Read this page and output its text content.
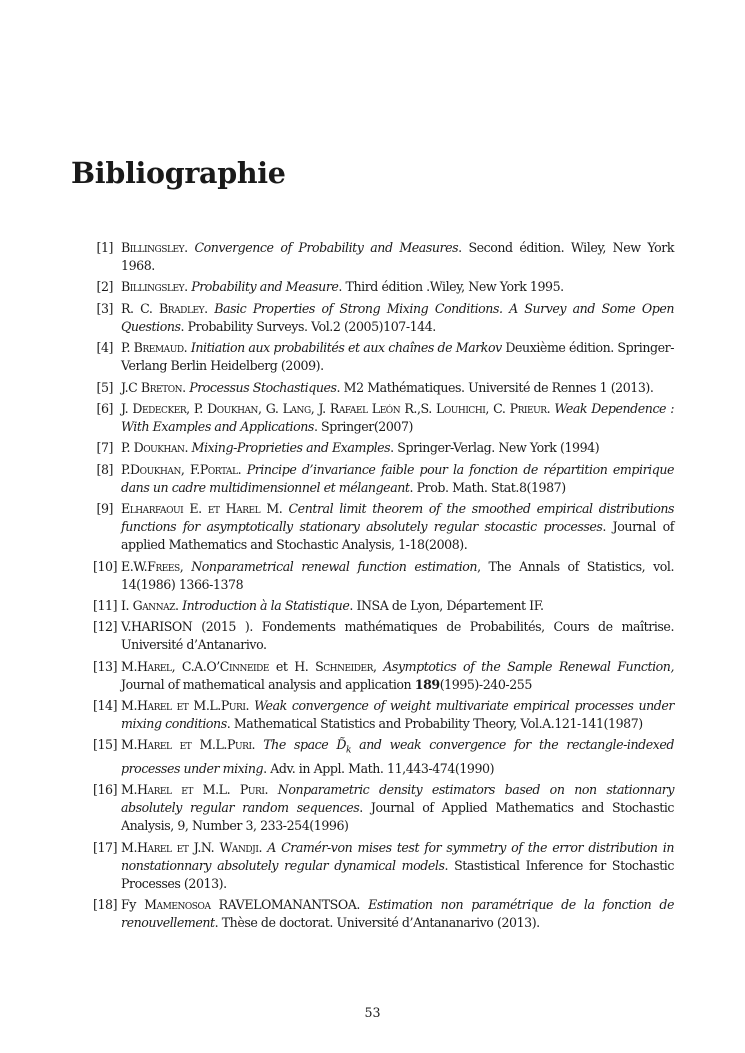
Bibliographie
[1] Billingsley. Convergence of Probability and Measures. Second édition. Wiley, New York 1968.
[2] Billingsley. Probability and Measure. Third édition .Wiley, New York 1995.
[3] R. C. Bradley. Basic Properties of Strong Mixing Conditions. A Survey and Some Open Questions. Probability Surveys. Vol.2 (2005)107-144.
[4] P. Bremaud. Initiation aux probabilités et aux chaînes de Markov Deuxième édition. Springer-Verlang Berlin Heidelberg (2009).
[5] J.C Breton. Processus Stochastiques. M2 Mathématiques. Université de Rennes 1 (2013).
[6] J. Dedecker, P. Doukhan, G. Lang, J. Rafael León R.,S. Louhichi, C. Prieur. Weak Dependence : With Examples and Applications. Springer(2007)
[7] P. Doukhan. Mixing-Proprieties and Examples. Springer-Verlag. New York (1994)
[8] P.Doukhan, F.Portal. Principe d’invariance faible pour la fonction de répartition empirique dans un cadre multidimensionnel et mélangeant. Prob. Math. Stat.8(1987)
[9] Elharfaoui E. et Harel M. Central limit theorem of the smoothed empirical distributions functions for asymptotically stationary absolutely regular stocastic processes. Journal of applied Mathematics and Stochastic Analysis, 1-18(2008).
[10] E.W.Frees, Nonparametrical renewal function estimation, The Annals of Statistics, vol. 14(1986) 1366-1378
[11] I. Gannaz. Introduction à la Statistique. INSA de Lyon, Département IF.
[12] V.HARISON (2015 ). Fondements mathématiques de Probabilités, Cours de maîtrise. Université d’Antanarivo.
[13] M.Harel, C.A.O’Cinneide et H. Schneider, Asymptotics of the Sample Renewal Function, Journal of mathematical analysis and application 189(1995)-240-255
[14] M.Harel et M.L.Puri. Weak convergence of weight multivariate empirical processes under mixing conditions. Mathematical Statistics and Probability Theory, Vol.A.121-141(1987)
[15] M.Harel et M.L.Puri. The space $D̃_k$ and weak convergence for the rectangle-indexed processes under mixing. Adv. in Appl. Math. 11,443-474(1990)
[16] M.Harel et M.L. Puri. Nonparametric density estimators based on non stationnary absolutely regular random sequences. Journal of Applied Mathematics and Stochastic Analysis, 9, Number 3, 233-254(1996)
[17] M.Harel et J.N. Wandji. A Cramér-von mises test for symmetry of the error distribution in nonstationnary absolutely regular dynamical models. Stastistical Inference for Stochastic Processes (2013).
[18] Fy Mamenosoa RAVELOMANANTSOA. Estimation non paramétrique de la fonction de renouvellement. Thèse de doctorat. Université d’Antananarivo (2013).
53
